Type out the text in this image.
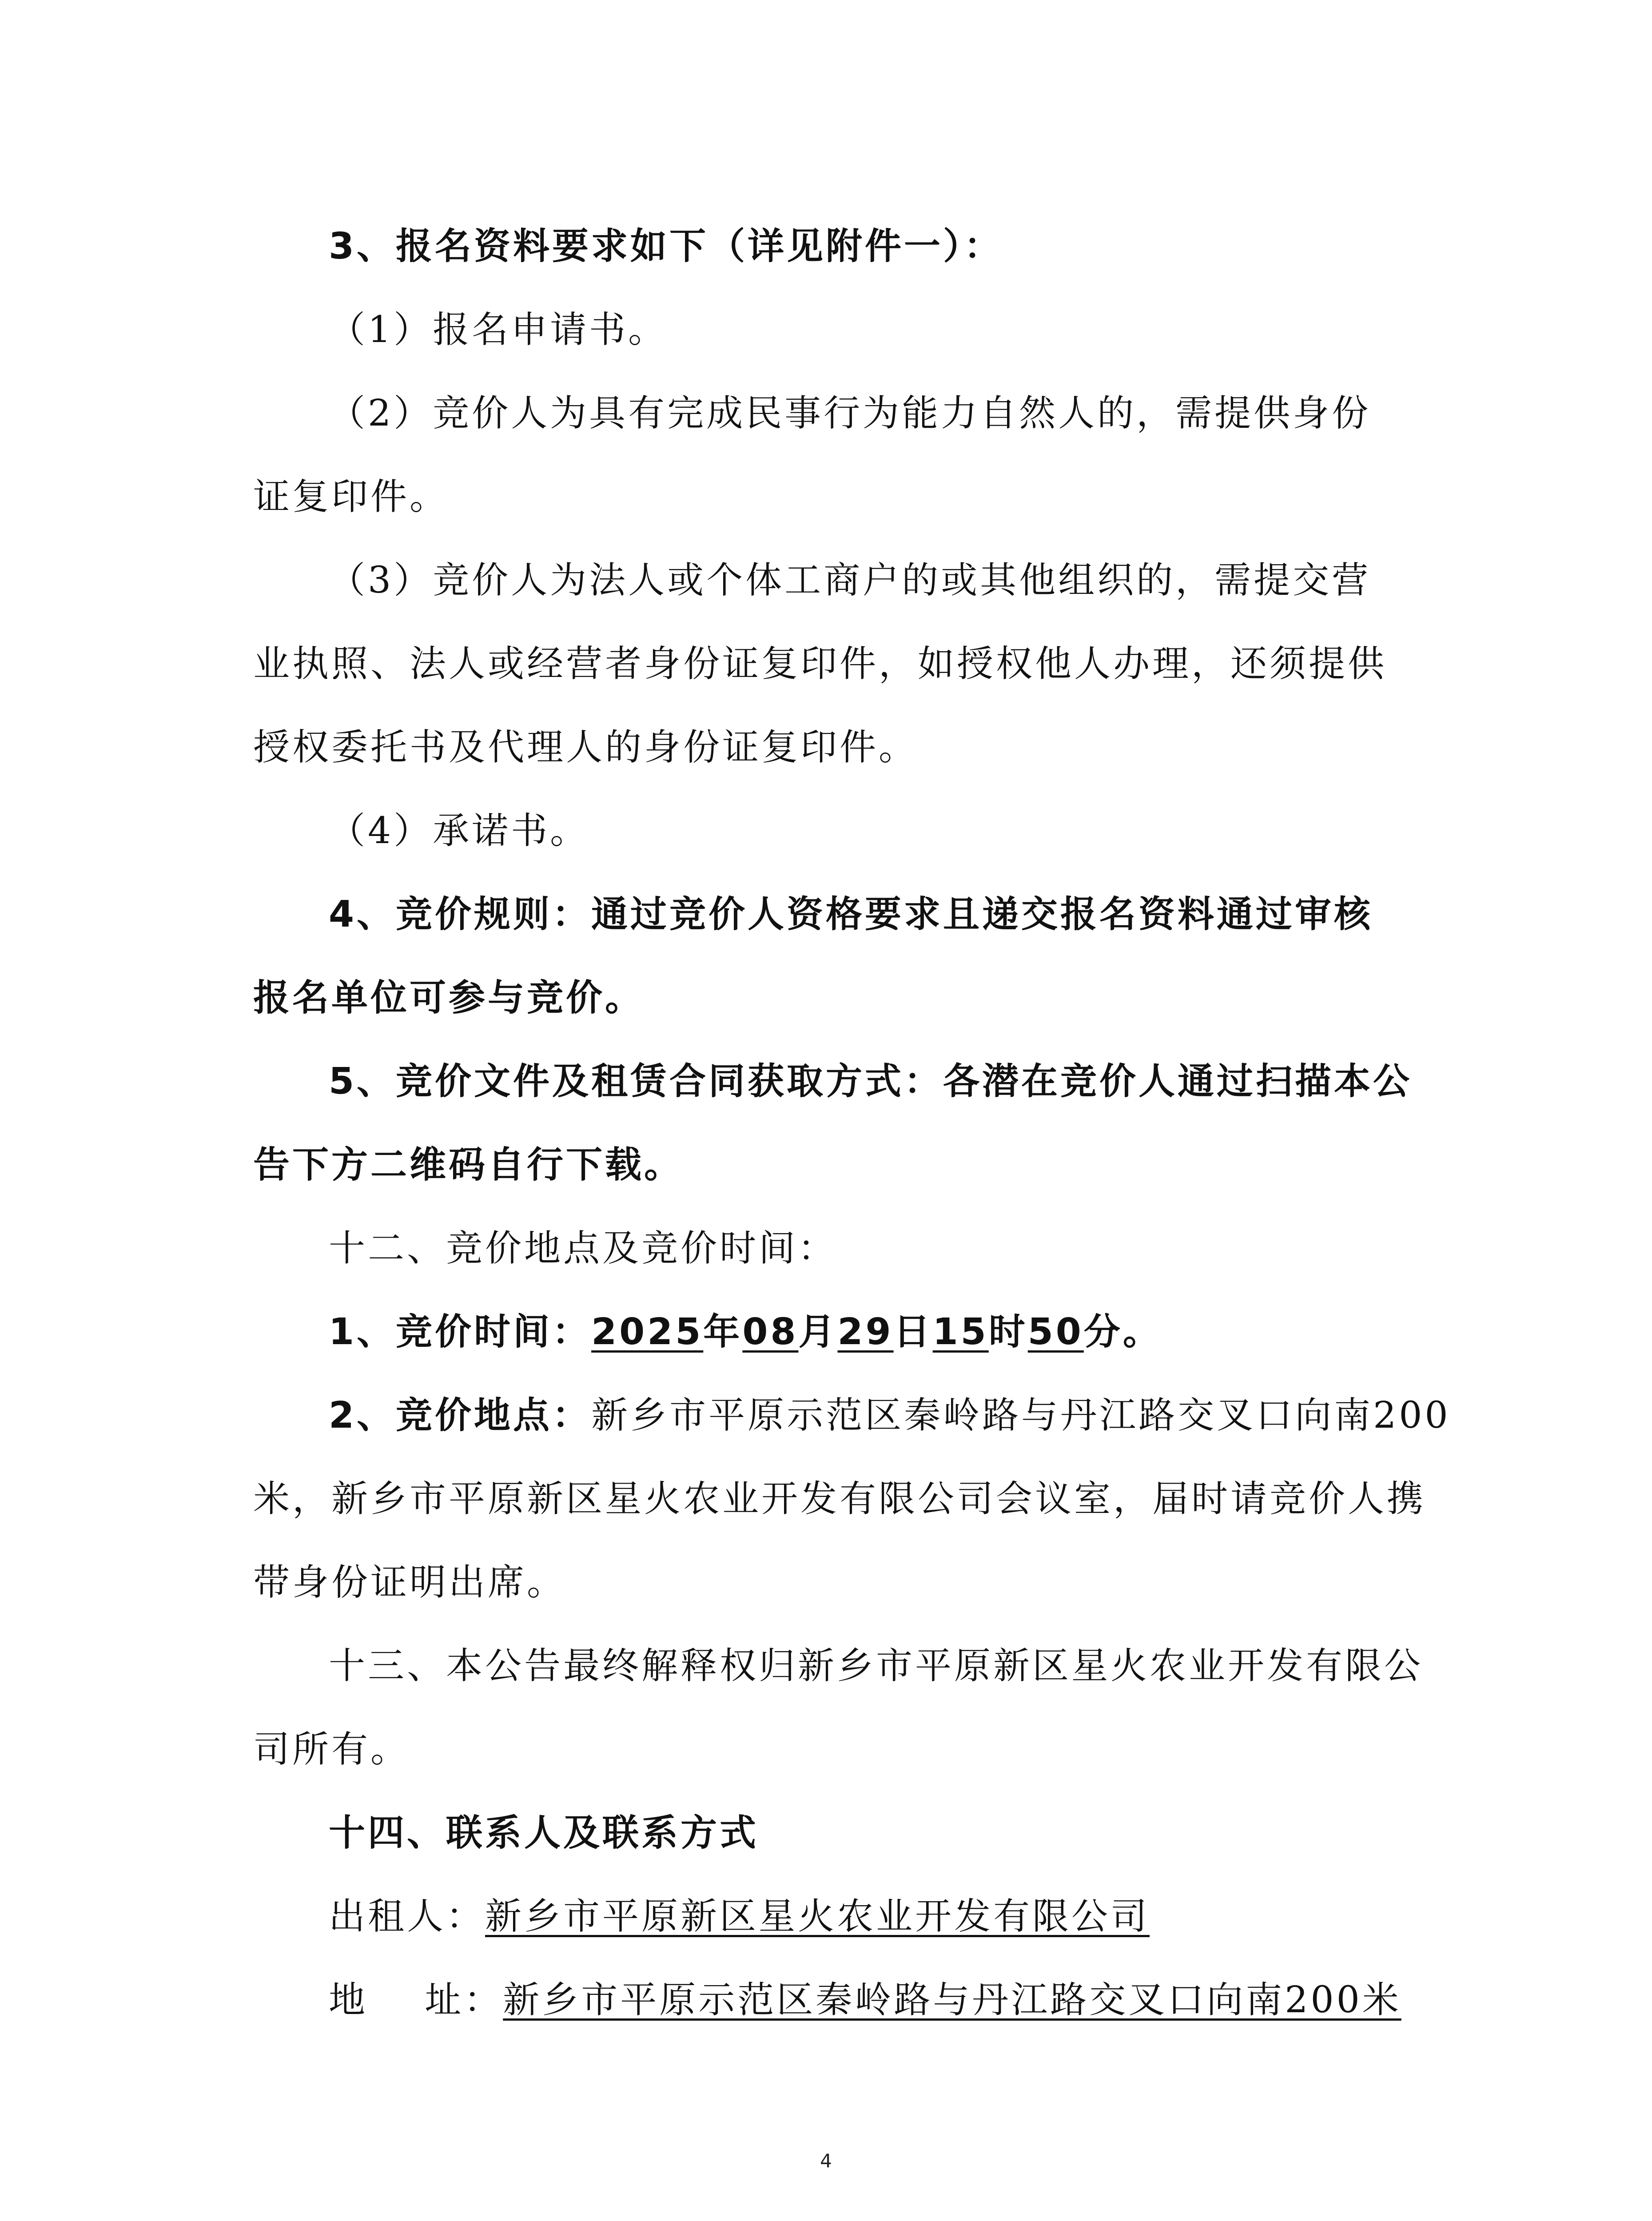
3、报名资料要求如下（详见附件一）：
（1）报名申请书。
（2）竞价人为具有完成民事行为能力自然人的，需提供身份
证复印件。
（3）竞价人为法人或个体工商户的或其他组织的，需提交营
业执照、法人或经营者身份证复印件，如授权他人办理，还须提供
授权委托书及代理人的身份证复印件。
（4）承诺书。
4、竞价规则：通过竞价人资格要求且递交报名资料通过审核
报名单位可参与竞价。
5、竞价文件及租赁合同获取方式：各潜在竞价人通过扫描本公
告下方二维码自行下载。
十二、竞价地点及竞价时间：
1、竞价时间：2025年08月29日15时50分。
2、竞价地点：新乡市平原示范区秦岭路与丹江路交叉口向南200
米，新乡市平原新区星火农业开发有限公司会议室，届时请竞价人携
带身份证明出席。
十三、本公告最终解释权归新乡市平原新区星火农业开发有限公
司所有。
十四、联系人及联系方式
出租人：新乡市平原新区星火农业开发有限公司
地    址：新乡市平原示范区秦岭路与丹江路交叉口向南200米
4
